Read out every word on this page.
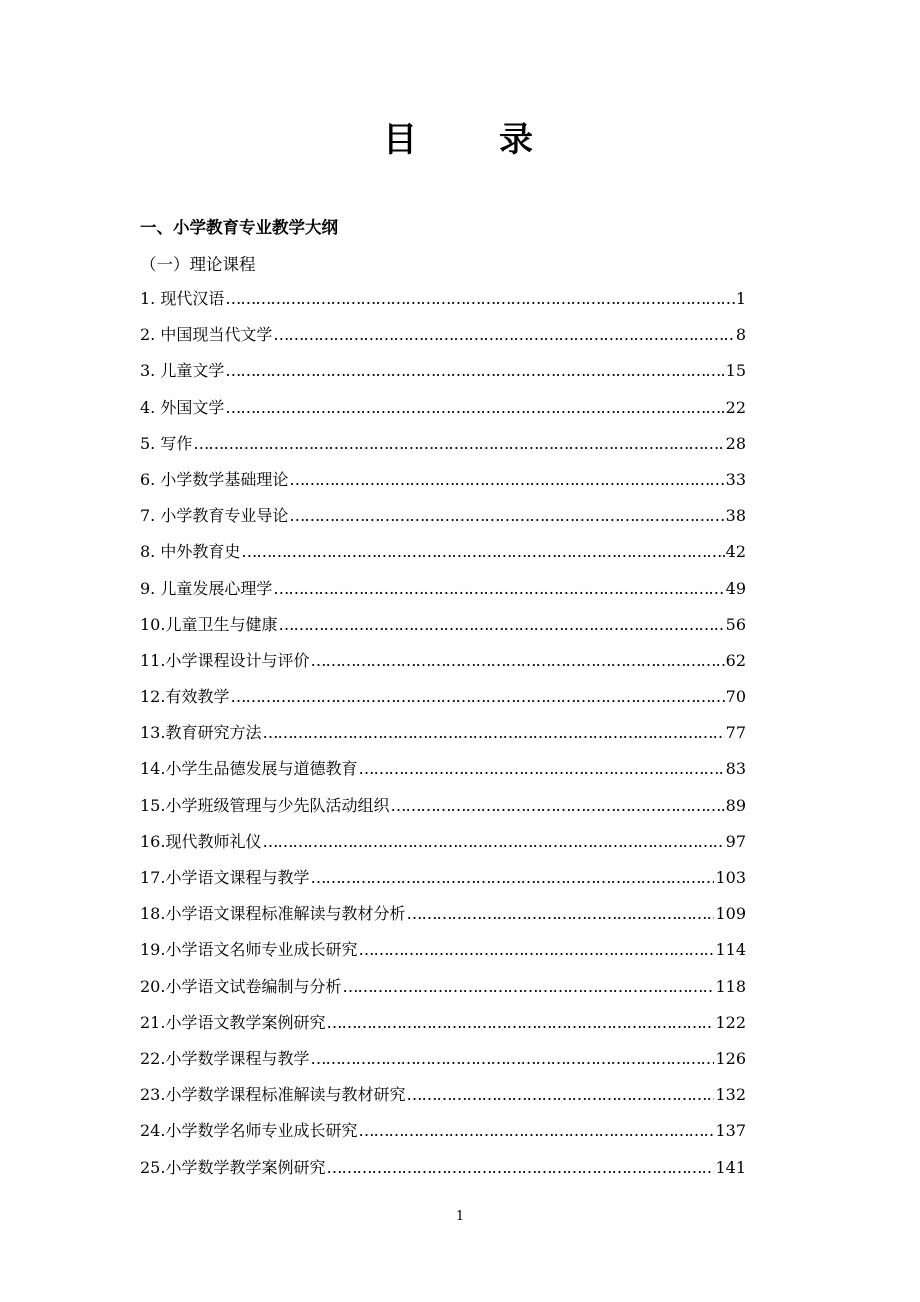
目　录
一、小学教育专业教学大纲
（一）理论课程
1. 现代汉语 ………………………………………………………………………………………………………………………………………………	1
2. 中国现当代文学 ………………………………………………………………………………………………………………………………………………	8
3. 儿童文学 ………………………………………………………………………………………………………………………………………………	15
4. 外国文学 ………………………………………………………………………………………………………………………………………………	22
5. 写作 ………………………………………………………………………………………………………………………………………………	28
6. 小学数学基础理论 ………………………………………………………………………………………………………………………………………………	33
7. 小学教育专业导论 ………………………………………………………………………………………………………………………………………………	38
8. 中外教育史 ………………………………………………………………………………………………………………………………………………	42
9. 儿童发展心理学 ………………………………………………………………………………………………………………………………………………	49
10.儿童卫生与健康 ………………………………………………………………………………………………………………………………………………	56
11.小学课程设计与评价 ………………………………………………………………………………………………………………………………………………	62
12.有效教学 ………………………………………………………………………………………………………………………………………………	70
13.教育研究方法 ………………………………………………………………………………………………………………………………………………	77
14.小学生品德发展与道德教育 ………………………………………………………………………………………………………………………………………………	83
15.小学班级管理与少先队活动组织 ………………………………………………………………………………………………………………………………………………	89
16.现代教师礼仪 ………………………………………………………………………………………………………………………………………………	97
17.小学语文课程与教学 ………………………………………………………………………………………………………………………………………………	103
18.小学语文课程标准解读与教材分析 ………………………………………………………………………………………………………………………………………………	109
19.小学语文名师专业成长研究 ………………………………………………………………………………………………………………………………………………	114
20.小学语文试卷编制与分析 ………………………………………………………………………………………………………………………………………………	118
21.小学语文教学案例研究 ………………………………………………………………………………………………………………………………………………	122
22.小学数学课程与教学 ………………………………………………………………………………………………………………………………………………	126
23.小学数学课程标准解读与教材研究 ………………………………………………………………………………………………………………………………………………	132
24.小学数学名师专业成长研究 ………………………………………………………………………………………………………………………………………………	137
25.小学数学教学案例研究 ………………………………………………………………………………………………………………………………………………	141
1
